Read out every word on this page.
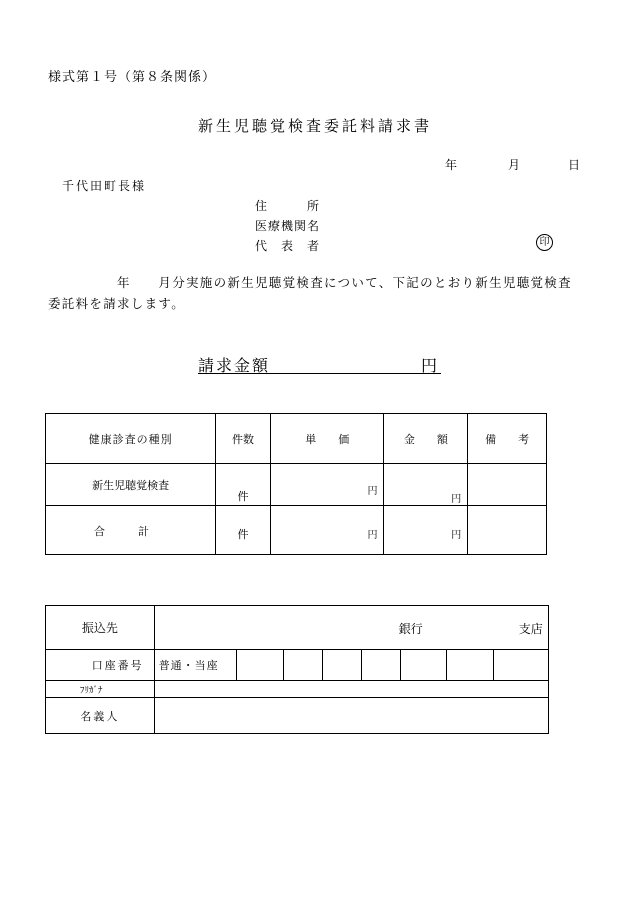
様式第１号（第８条関係）
新生児聴覚検査委託料請求書
年	月	日
千代田町長様
住　　　所
医療機関名
代　表　者	印
　　　　　年　　月分実施の新生児聴覚検査について、下記のとおり新生児聴覚検査委託料を請求します。
請求金額	円
健康診査の種別	件数	単　　価	金　　額	備　　考
新生児聴覚検査	件	円	円	

合　　　計	件	円	円	

振込先	銀行 支店							

口座番号	普通・当座							
ﾌﾘｶﾞﾅ								
名義人								
